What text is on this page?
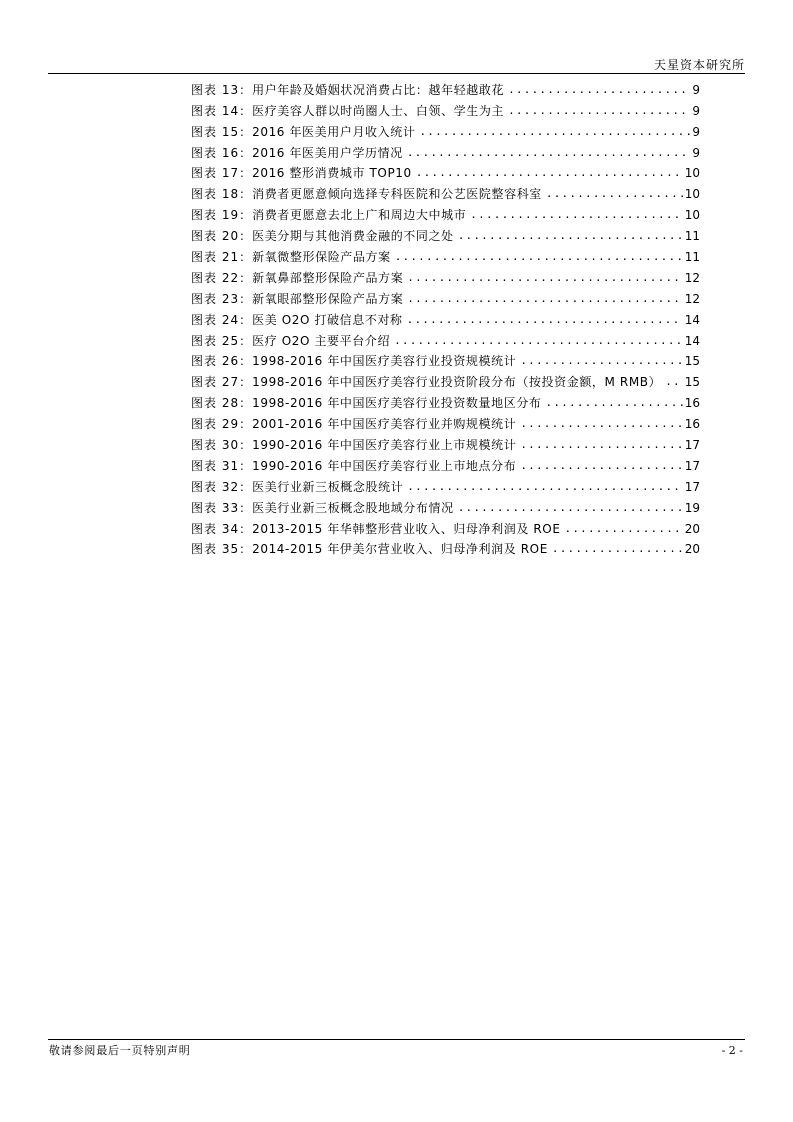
天星资本研究所
图表 13： 用户年龄及婚姻状况消费占比：越年轻越敢花 .....	9
图表 14： 医疗美容人群以时尚圈人士、白领、学生为主 .....	9
图表 15： 2016 年医美用户月收入统计 .....	9
图表 16： 2016 年医美用户学历情况 .....	9
图表 17： 2016 整形消费城市 TOP10 .....	10
图表 18： 消费者更愿意倾向选择专科医院和公艺医院整容科室 .....	10
图表 19： 消费者更愿意去北上广和周边大中城市 .....	10
图表 20： 医美分期与其他消费金融的不同之处 .....	11
图表 21： 新氧微整形保险产品方案 .....	11
图表 22： 新氧鼻部整形保险产品方案 .....	12
图表 23： 新氧眼部整形保险产品方案 .....	12
图表 24： 医美 O2O 打破信息不对称 .....	14
图表 25： 医疗 O2O 主要平台介绍 .....	14
图表 26： 1998-2016 年中国医疗美容行业投资规模统计 .....	15
图表 27： 1998-2016 年中国医疗美容行业投资阶段分布（按投资金额，M RMB） ..... 15
图表 28： 1998-2016 年中国医疗美容行业投资数量地区分布 .....	16
图表 29： 2001-2016 年中国医疗美容行业并购规模统计 .....	16
图表 30： 1990-2016 年中国医疗美容行业上市规模统计 .....	17
图表 31： 1990-2016 年中国医疗美容行业上市地点分布 .....	17
图表 32： 医美行业新三板概念股统计 .....	17
图表 33： 医美行业新三板概念股地域分布情况 .....	19
图表 34： 2013-2015 年华韩整形营业收入、归母净利润及 ROE .....	20
图表 35： 2014-2015 年伊美尔营业收入、归母净利润及 ROE .....	20
敬请参阅最后一页特别声明	- 2 -
